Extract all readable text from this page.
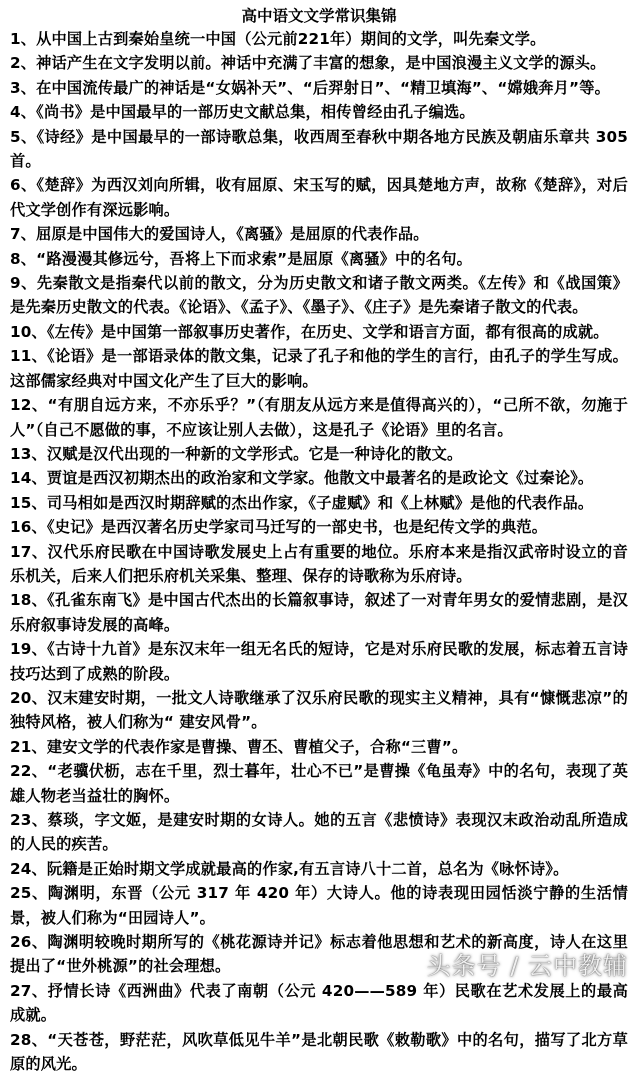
高中语文文学常识集锦
1、从中国上古到秦始皇统一中国（公元前221年）期间的文学，叫先秦文学。
2、神话产生在文字发明以前。神话中充满了丰富的想象，是中国浪漫主义文学的源头。
3、在中国流传最广的神话是“女娲补天”、“后羿射日”、“精卫填海”、“嫦娥奔月”等。
4、《尚书》是中国最早的一部历史文献总集，相传曾经由孔子编选。
5、《诗经》是中国最早的一部诗歌总集，收西周至春秋中期各地方民族及朝庙乐章共 305 首。
6、《楚辞》为西汉刘向所辑，收有屈原、宋玉写的赋，因具楚地方声，故称《楚辞》，对后代文学创作有深远影响。
7、屈原是中国伟大的爱国诗人，《离骚》是屈原的代表作品。
8、“路漫漫其修远兮，吾将上下而求索”是屈原《离骚》中的名句。
9、先秦散文是指秦代以前的散文，分为历史散文和诸子散文两类。《左传》和《战国策》是先秦历史散文的代表。《论语》、《孟子》、《墨子》、《庄子》是先秦诸子散文的代表。
10、《左传》是中国第一部叙事历史著作，在历史、文学和语言方面，都有很高的成就。
11、《论语》是一部语录体的散文集，记录了孔子和他的学生的言行，由孔子的学生写成。这部儒家经典对中国文化产生了巨大的影响。
12、“有朋自远方来，不亦乐乎？”（有朋友从远方来是值得高兴的），“己所不欲，勿施于人”（自己不愿做的事，不应该让别人去做），这是孔子《论语》里的名言。
13、汉赋是汉代出现的一种新的文学形式。它是一种诗化的散文。
14、贾谊是西汉初期杰出的政治家和文学家。他散文中最著名的是政论文《过秦论》。
15、司马相如是西汉时期辞赋的杰出作家，《子虚赋》和《上林赋》是他的代表作品。
16、《史记》是西汉著名历史学家司马迁写的一部史书，也是纪传文学的典范。
17、汉代乐府民歌在中国诗歌发展史上占有重要的地位。乐府本来是指汉武帝时设立的音乐机关，后来人们把乐府机关采集、整理、保存的诗歌称为乐府诗。
18、《孔雀东南飞》是中国古代杰出的长篇叙事诗，叙述了一对青年男女的爱情悲剧，是汉乐府叙事诗发展的高峰。
19、《古诗十九首》是东汉末年一组无名氏的短诗，它是对乐府民歌的发展，标志着五言诗技巧达到了成熟的阶段。
20、汉末建安时期，一批文人诗歌继承了汉乐府民歌的现实主义精神，具有“慷慨悲凉”的独特风格，被人们称为“ 建安风骨”。
21、建安文学的代表作家是曹操、曹丕、曹植父子，合称“三曹”。
22、“老骥伏枥，志在千里，烈士暮年，壮心不已”是曹操《龟虽寿》中的名句，表现了英雄人物老当益壮的胸怀。
23、蔡琰，字文姬，是建安时期的女诗人。她的五言《悲愤诗》表现汉末政治动乱所造成的人民的疾苦。
24、阮籍是正始时期文学成就最高的作家,有五言诗八十二首，总名为《咏怀诗》。
25、陶渊明，东晋（公元 317 年 420 年）大诗人。他的诗表现田园恬淡宁静的生活情景，被人们称为“田园诗人”。
26、陶渊明较晚时期所写的《桃花源诗并记》标志着他思想和艺术的新高度，诗人在这里提出了“世外桃源”的社会理想。
27、抒情长诗《西洲曲》代表了南朝（公元 420——589 年）民歌在艺术发展上的最高成就。
28、“天苍苍，野茫茫，风吹草低见牛羊”是北朝民歌《敕勒歌》中的名句，描写了北方草原的风光。
头条号 / 云中教辅
